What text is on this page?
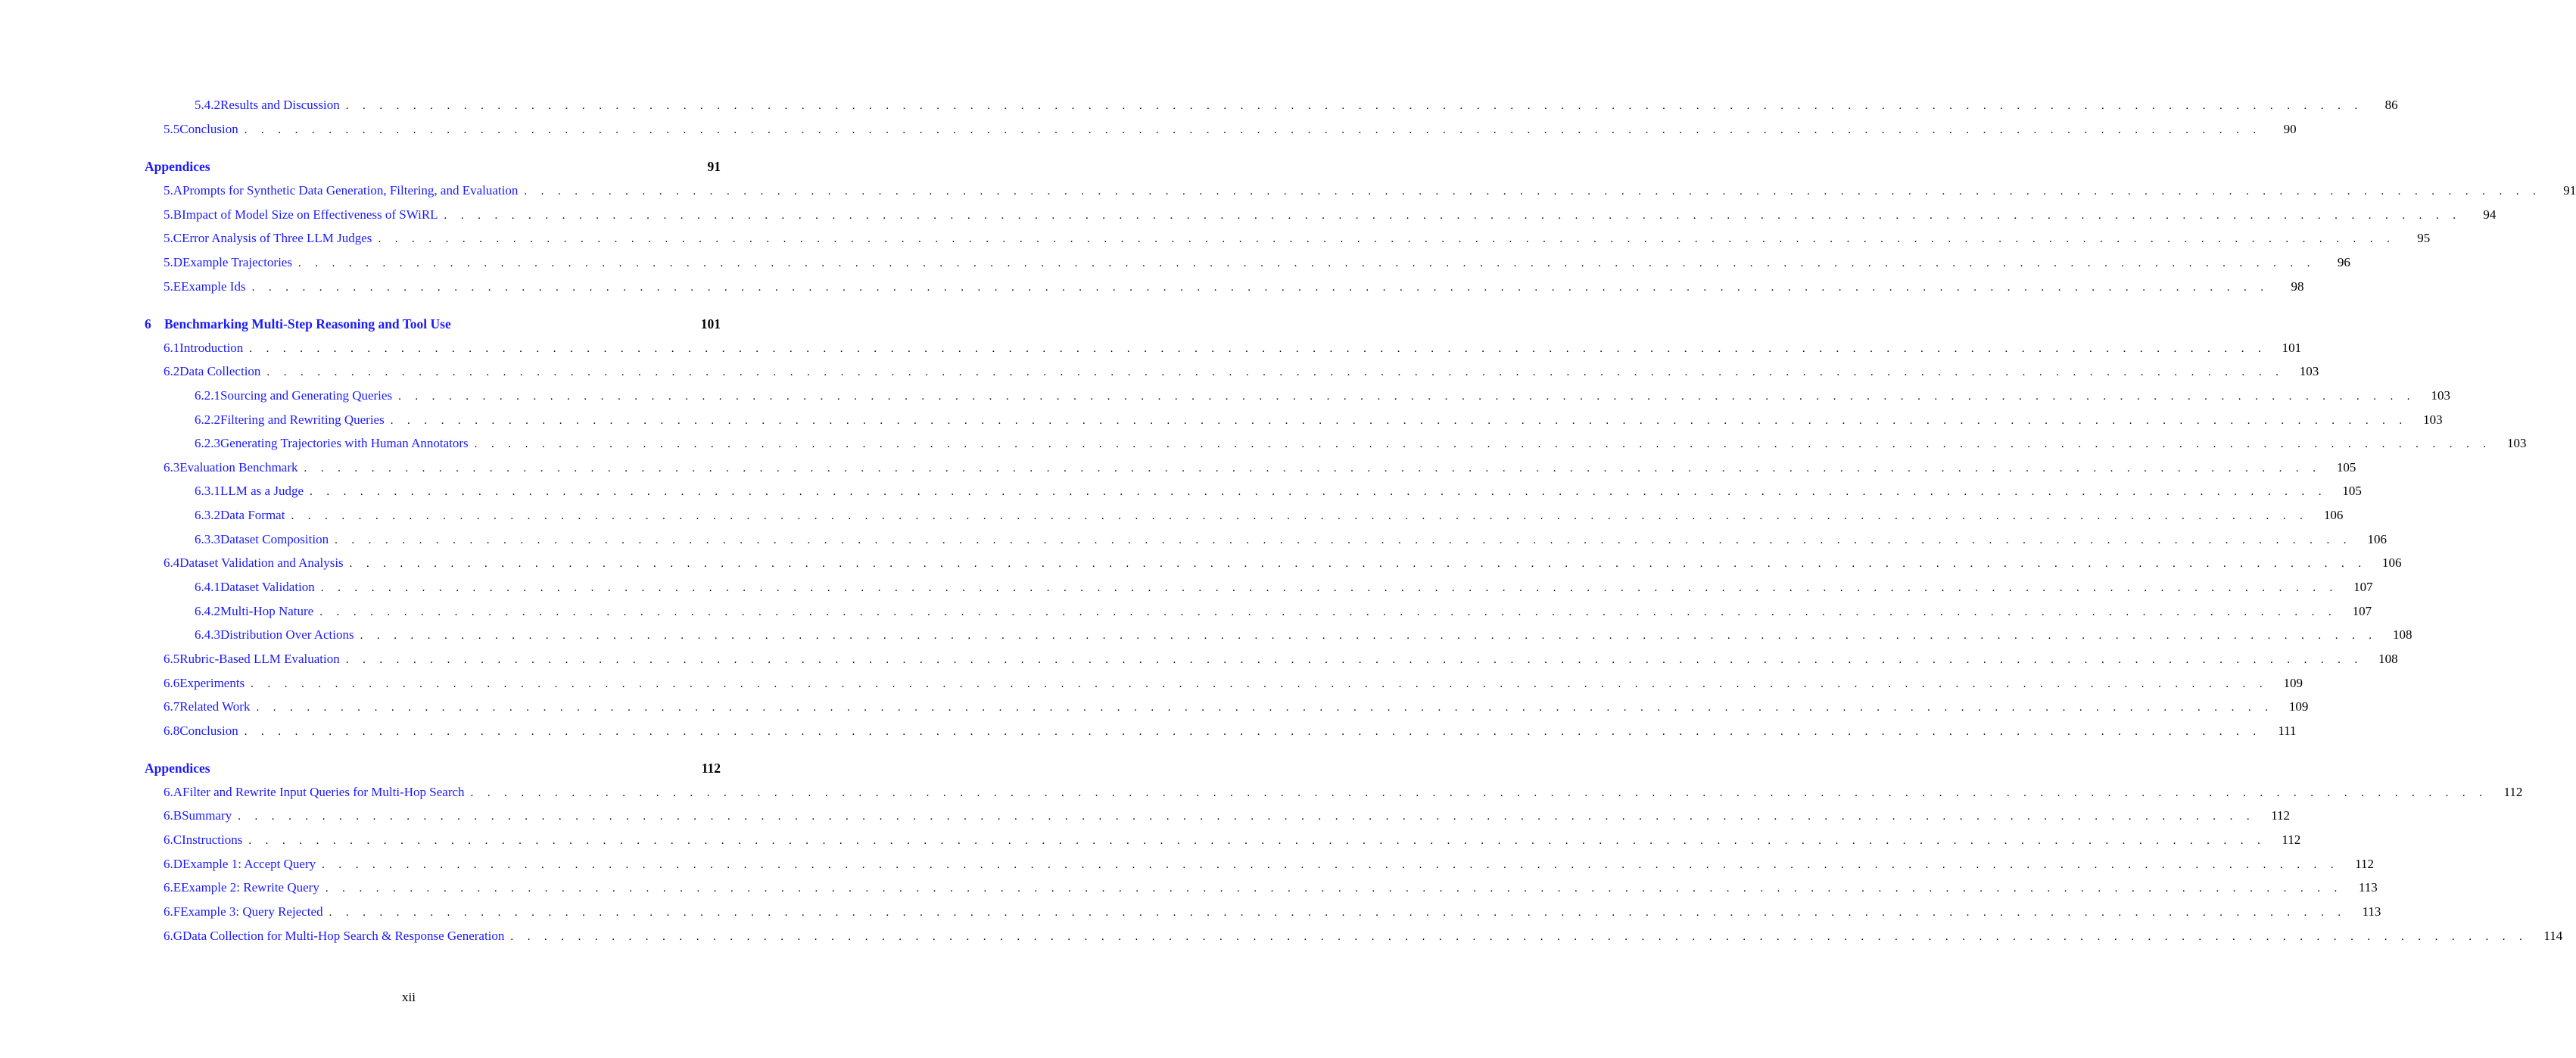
5.4.2 Results and Discussion . . . . . . . . . . . . . . . . . . . . . . . . . . . . . . . . . . . . . . . . . . . . . . . . . . . . . . . . . . . . . . . . . . . . . . . . . . . . . . . . . . . . . . . . . . . . . . . . . . . . . . . . . . . . . . . . . . . . . . . .	86
5.5 Conclusion . . . . . . . . . . . . . . . . . . . . . . . . . . . . . . . . . . . . . . . . . . . . . . . . . . . . . . . . . . . . . . . . . . . . . . . . . . . . . . . . . . . . . . . . . . . . . . . . . . . . . . . . . . . . . . . . . . . . . . . .	90
Appendices	91
5.A Prompts for Synthetic Data Generation, Filtering, and Evaluation . . . . . . . . . . . . . . . . . . . . . . . . . . . . . . . . . . . . . . . . . . . . . . . . . . . . . . . . . . . . . . . . . . . . . . . . . . . . . . . . . . . . . . . . . . . . . . . . . . . . . . . . . . . . . . . . . . . . . . . .	91
5.B Impact of Model Size on Effectiveness of SWiRL . . . . . . . . . . . . . . . . . . . . . . . . . . . . . . . . . . . . . . . . . . . . . . . . . . . . . . . . . . . . . . . . . . . . . . . . . . . . . . . . . . . . . . . . . . . . . . . . . . . . . . . . . . . . . . . . . . . . . . . .	94
5.C Error Analysis of Three LLM Judges . . . . . . . . . . . . . . . . . . . . . . . . . . . . . . . . . . . . . . . . . . . . . . . . . . . . . . . . . . . . . . . . . . . . . . . . . . . . . . . . . . . . . . . . . . . . . . . . . . . . . . . . . . . . . . . . . . . . . . . .	95
5.D Example Trajectories . . . . . . . . . . . . . . . . . . . . . . . . . . . . . . . . . . . . . . . . . . . . . . . . . . . . . . . . . . . . . . . . . . . . . . . . . . . . . . . . . . . . . . . . . . . . . . . . . . . . . . . . . . . . . . . . . . . . . . . .	96
5.E Example Ids . . . . . . . . . . . . . . . . . . . . . . . . . . . . . . . . . . . . . . . . . . . . . . . . . . . . . . . . . . . . . . . . . . . . . . . . . . . . . . . . . . . . . . . . . . . . . . . . . . . . . . . . . . . . . . . . . . . . . . . .	98
6 Benchmarking Multi-Step Reasoning and Tool Use	101
6.1 Introduction . . . . . . . . . . . . . . . . . . . . . . . . . . . . . . . . . . . . . . . . . . . . . . . . . . . . . . . . . . . . . . . . . . . . . . . . . . . . . . . . . . . . . . . . . . . . . . . . . . . . . . . . . . . . . . . . . . . . . . . .	101
6.2 Data Collection . . . . . . . . . . . . . . . . . . . . . . . . . . . . . . . . . . . . . . . . . . . . . . . . . . . . . . . . . . . . . . . . . . . . . . . . . . . . . . . . . . . . . . . . . . . . . . . . . . . . . . . . . . . . . . . . . . . . . . . .	103
6.2.1 Sourcing and Generating Queries . . . . . . . . . . . . . . . . . . . . . . . . . . . . . . . . . . . . . . . . . . . . . . . . . . . . . . . . . . . . . . . . . . . . . . . . . . . . . . . . . . . . . . . . . . . . . . . . . . . . . . . . . . . . . . . . . . . . . . . .	103
6.2.2 Filtering and Rewriting Queries . . . . . . . . . . . . . . . . . . . . . . . . . . . . . . . . . . . . . . . . . . . . . . . . . . . . . . . . . . . . . . . . . . . . . . . . . . . . . . . . . . . . . . . . . . . . . . . . . . . . . . . . . . . . . . . . . . . . . . . .	103
6.2.3 Generating Trajectories with Human Annotators . . . . . . . . . . . . . . . . . . . . . . . . . . . . . . . . . . . . . . . . . . . . . . . . . . . . . . . . . . . . . . . . . . . . . . . . . . . . . . . . . . . . . . . . . . . . . . . . . . . . . . . . . . . . . . . . . . . . . . . .	103
6.3 Evaluation Benchmark . . . . . . . . . . . . . . . . . . . . . . . . . . . . . . . . . . . . . . . . . . . . . . . . . . . . . . . . . . . . . . . . . . . . . . . . . . . . . . . . . . . . . . . . . . . . . . . . . . . . . . . . . . . . . . . . . . . . . . . .	105
6.3.1 LLM as a Judge . . . . . . . . . . . . . . . . . . . . . . . . . . . . . . . . . . . . . . . . . . . . . . . . . . . . . . . . . . . . . . . . . . . . . . . . . . . . . . . . . . . . . . . . . . . . . . . . . . . . . . . . . . . . . . . . . . . . . . . .	105
6.3.2 Data Format . . . . . . . . . . . . . . . . . . . . . . . . . . . . . . . . . . . . . . . . . . . . . . . . . . . . . . . . . . . . . . . . . . . . . . . . . . . . . . . . . . . . . . . . . . . . . . . . . . . . . . . . . . . . . . . . . . . . . . . .	106
6.3.3 Dataset Composition . . . . . . . . . . . . . . . . . . . . . . . . . . . . . . . . . . . . . . . . . . . . . . . . . . . . . . . . . . . . . . . . . . . . . . . . . . . . . . . . . . . . . . . . . . . . . . . . . . . . . . . . . . . . . . . . . . . . . . . .	106
6.4 Dataset Validation and Analysis . . . . . . . . . . . . . . . . . . . . . . . . . . . . . . . . . . . . . . . . . . . . . . . . . . . . . . . . . . . . . . . . . . . . . . . . . . . . . . . . . . . . . . . . . . . . . . . . . . . . . . . . . . . . . . . . . . . . . . . .	106
6.4.1 Dataset Validation . . . . . . . . . . . . . . . . . . . . . . . . . . . . . . . . . . . . . . . . . . . . . . . . . . . . . . . . . . . . . . . . . . . . . . . . . . . . . . . . . . . . . . . . . . . . . . . . . . . . . . . . . . . . . . . . . . . . . . . .	107
6.4.2 Multi-Hop Nature . . . . . . . . . . . . . . . . . . . . . . . . . . . . . . . . . . . . . . . . . . . . . . . . . . . . . . . . . . . . . . . . . . . . . . . . . . . . . . . . . . . . . . . . . . . . . . . . . . . . . . . . . . . . . . . . . . . . . . . .	107
6.4.3 Distribution Over Actions . . . . . . . . . . . . . . . . . . . . . . . . . . . . . . . . . . . . . . . . . . . . . . . . . . . . . . . . . . . . . . . . . . . . . . . . . . . . . . . . . . . . . . . . . . . . . . . . . . . . . . . . . . . . . . . . . . . . . . . .	108
6.5 Rubric-Based LLM Evaluation . . . . . . . . . . . . . . . . . . . . . . . . . . . . . . . . . . . . . . . . . . . . . . . . . . . . . . . . . . . . . . . . . . . . . . . . . . . . . . . . . . . . . . . . . . . . . . . . . . . . . . . . . . . . . . . . . . . . . . . .	108
6.6 Experiments . . . . . . . . . . . . . . . . . . . . . . . . . . . . . . . . . . . . . . . . . . . . . . . . . . . . . . . . . . . . . . . . . . . . . . . . . . . . . . . . . . . . . . . . . . . . . . . . . . . . . . . . . . . . . . . . . . . . . . . .	109
6.7 Related Work . . . . . . . . . . . . . . . . . . . . . . . . . . . . . . . . . . . . . . . . . . . . . . . . . . . . . . . . . . . . . . . . . . . . . . . . . . . . . . . . . . . . . . . . . . . . . . . . . . . . . . . . . . . . . . . . . . . . . . . .	109
6.8 Conclusion . . . . . . . . . . . . . . . . . . . . . . . . . . . . . . . . . . . . . . . . . . . . . . . . . . . . . . . . . . . . . . . . . . . . . . . . . . . . . . . . . . . . . . . . . . . . . . . . . . . . . . . . . . . . . . . . . . . . . . . .	111
Appendices	112
6.A Filter and Rewrite Input Queries for Multi-Hop Search . . . . . . . . . . . . . . . . . . . . . . . . . . . . . . . . . . . . . . . . . . . . . . . . . . . . . . . . . . . . . . . . . . . . . . . . . . . . . . . . . . . . . . . . . . . . . . . . . . . . . . . . . . . . . . . . . . . . . . . .	112
6.B Summary . . . . . . . . . . . . . . . . . . . . . . . . . . . . . . . . . . . . . . . . . . . . . . . . . . . . . . . . . . . . . . . . . . . . . . . . . . . . . . . . . . . . . . . . . . . . . . . . . . . . . . . . . . . . . . . . . . . . . . . .	112
6.C Instructions . . . . . . . . . . . . . . . . . . . . . . . . . . . . . . . . . . . . . . . . . . . . . . . . . . . . . . . . . . . . . . . . . . . . . . . . . . . . . . . . . . . . . . . . . . . . . . . . . . . . . . . . . . . . . . . . . . . . . . . .	112
6.D Example 1: Accept Query . . . . . . . . . . . . . . . . . . . . . . . . . . . . . . . . . . . . . . . . . . . . . . . . . . . . . . . . . . . . . . . . . . . . . . . . . . . . . . . . . . . . . . . . . . . . . . . . . . . . . . . . . . . . . . . . . . . . . . . .	112
6.E Example 2: Rewrite Query . . . . . . . . . . . . . . . . . . . . . . . . . . . . . . . . . . . . . . . . . . . . . . . . . . . . . . . . . . . . . . . . . . . . . . . . . . . . . . . . . . . . . . . . . . . . . . . . . . . . . . . . . . . . . . . . . . . . . . . .	113
6.F Example 3: Query Rejected . . . . . . . . . . . . . . . . . . . . . . . . . . . . . . . . . . . . . . . . . . . . . . . . . . . . . . . . . . . . . . . . . . . . . . . . . . . . . . . . . . . . . . . . . . . . . . . . . . . . . . . . . . . . . . . . . . . . . . . .	113
6.G Data Collection for Multi-Hop Search & Response Generation . . . . . . . . . . . . . . . . . . . . . . . . . . . . . . . . . . . . . . . . . . . . . . . . . . . . . . . . . . . . . . . . . . . . . . . . . . . . . . . . . . . . . . . . . . . . . . . . . . . . . . . . . . . . . . . . . . . . . . . .	114
xii
